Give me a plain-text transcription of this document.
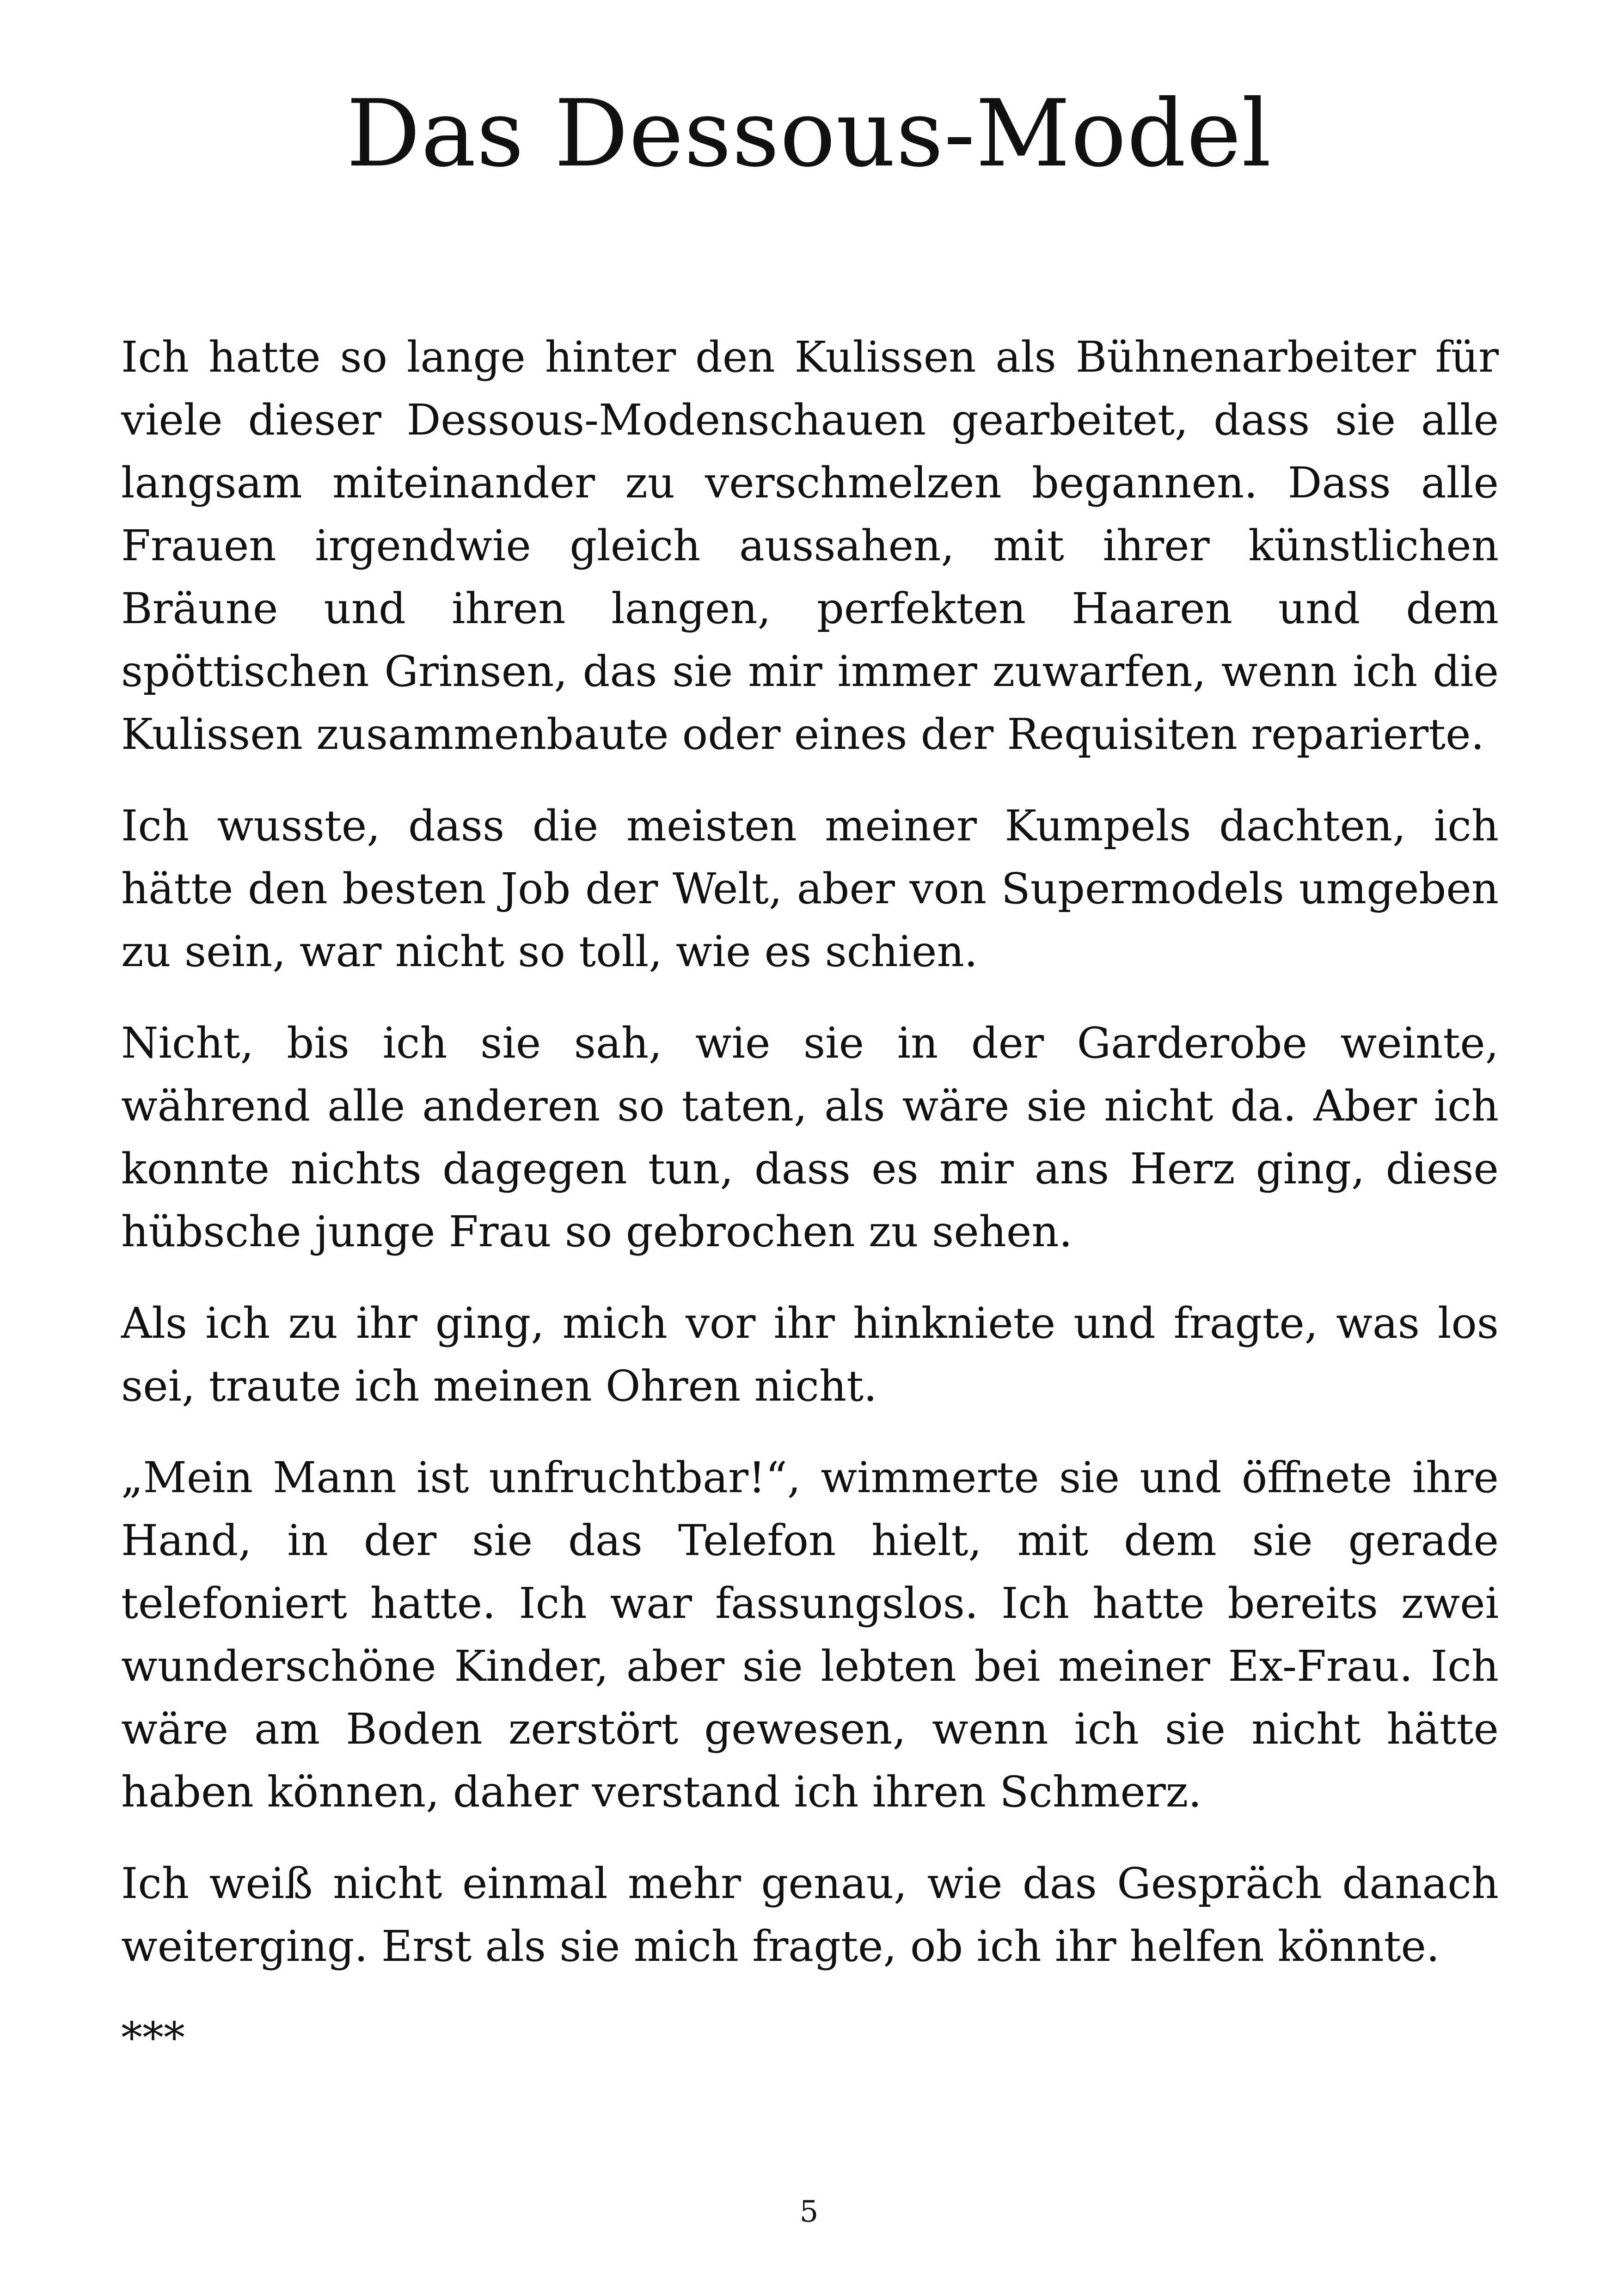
Das Dessous-Model

Ich hatte so lange hinter den Kulissen als Bühnenarbeiter für viele dieser Dessous-Modenschauen gearbeitet, dass sie alle langsam miteinander zu verschmelzen begannen. Dass alle Frauen irgendwie gleich aussahen, mit ihrer künstlichen Bräune und ihren langen, perfekten Haaren und dem spöttischen Grinsen, das sie mir immer zuwarfen, wenn ich die Kulissen zusammenbaute oder eines der Requisiten reparierte.

Ich wusste, dass die meisten meiner Kumpels dachten, ich hätte den besten Job der Welt, aber von Supermodels umgeben zu sein, war nicht so toll, wie es schien.

Nicht, bis ich sie sah, wie sie in der Garderobe weinte, während alle anderen so taten, als wäre sie nicht da. Aber ich konnte nichts dagegen tun, dass es mir ans Herz ging, diese hübsche junge Frau so gebrochen zu sehen.

Als ich zu ihr ging, mich vor ihr hinkniete und fragte, was los sei, traute ich meinen Ohren nicht.

„Mein Mann ist unfruchtbar!“, wimmerte sie und öffnete ihre Hand, in der sie das Telefon hielt, mit dem sie gerade telefoniert hatte. Ich war fassungslos. Ich hatte bereits zwei wunderschöne Kinder, aber sie lebten bei meiner Ex-Frau. Ich wäre am Boden zerstört gewesen, wenn ich sie nicht hätte haben können, daher verstand ich ihren Schmerz.

Ich weiß nicht einmal mehr genau, wie das Gespräch danach weiterging. Erst als sie mich fragte, ob ich ihr helfen könnte.

***

5
